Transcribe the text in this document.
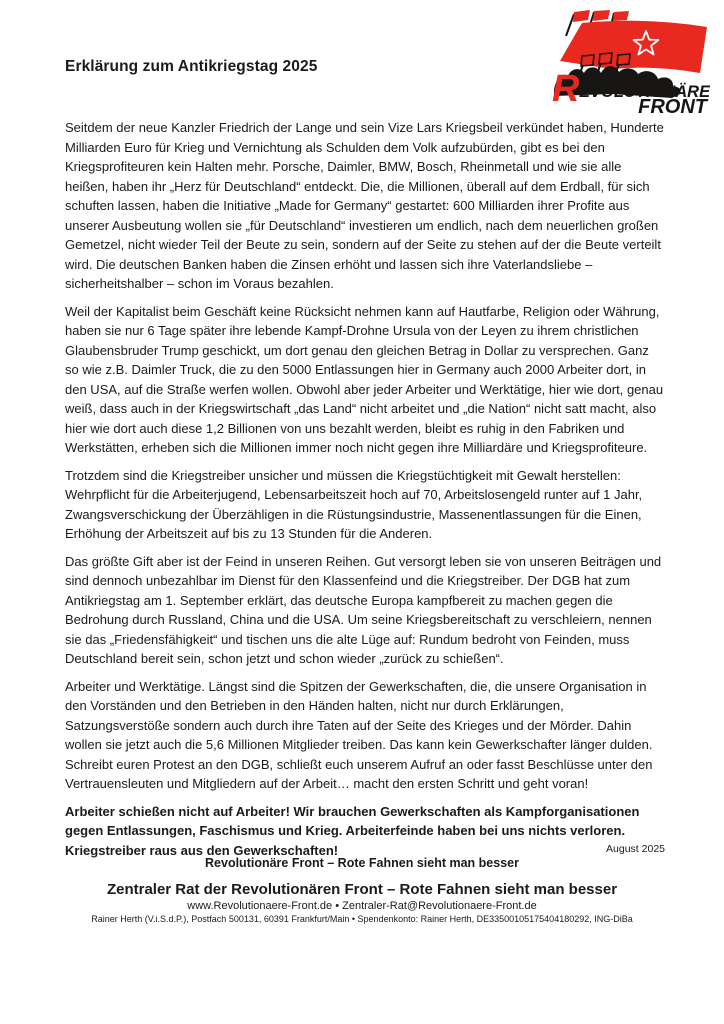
Erklärung zum Antikriegstag 2025
R EVOLUTIONÄRE
FRONT

Seitdem der neue Kanzler Friedrich der Lange und sein Vize Lars Kriegsbeil verkündet haben, Hunderte Milliarden Euro für Krieg und Vernichtung als Schulden dem Volk aufzubürden, gibt es bei den Kriegsprofiteuren kein Halten mehr. Porsche, Daimler, BMW, Bosch, Rheinmetall und wie sie alle heißen, haben ihr „Herz für Deutschland“ entdeckt. Die, die Millionen, überall auf dem Erdball, für sich schuften lassen, haben die Initiative „Made for Germany“ gestartet: 600 Milliarden ihrer Profite aus unserer Ausbeutung wollen sie „für Deutschland“ investieren um endlich, nach dem neuerlichen großen Gemetzel, nicht wieder Teil der Beute zu sein, sondern auf der Seite zu stehen auf der die Beute verteilt wird. Die deutschen Banken haben die Zinsen erhöht und lassen sich ihre Vaterlandsliebe – sicherheitshalber – schon im Voraus bezahlen.

Weil der Kapitalist beim Geschäft keine Rücksicht nehmen kann auf Hautfarbe, Religion oder Währung, haben sie nur 6 Tage später ihre lebende Kampf-Drohne Ursula von der Leyen zu ihrem christlichen Glaubensbruder Trump geschickt, um dort genau den gleichen Betrag in Dollar zu versprechen. Ganz so wie z.B. Daimler Truck, die zu den 5000 Entlassungen hier in Germany auch 2000 Arbeiter dort, in den USA, auf die Straße werfen wollen. Obwohl aber jeder Arbeiter und Werktätige, hier wie dort, genau weiß, dass auch in der Kriegswirtschaft „das Land“ nicht arbeitet und „die Nation“ nicht satt macht, also hier wie dort auch diese 1,2 Billionen von uns bezahlt werden, bleibt es ruhig in den Fabriken und Werkstätten, erheben sich die Millionen immer noch nicht gegen ihre Milliardäre und Kriegsprofiteure.

Trotzdem sind die Kriegstreiber unsicher und müssen die Kriegstüchtigkeit mit Gewalt herstellen: Wehrpflicht für die Arbeiterjugend, Lebensarbeitszeit hoch auf 70, Arbeitslosengeld runter auf 1 Jahr, Zwangsverschickung der Überzähligen in die Rüstungsindustrie, Massenentlassungen für die Einen, Erhöhung der Arbeitszeit auf bis zu 13 Stunden für die Anderen.

Das größte Gift aber ist der Feind in unseren Reihen. Gut versorgt leben sie von unseren Beiträgen und sind dennoch unbezahlbar im Dienst für den Klassenfeind und die Kriegstreiber. Der DGB hat zum Antikriegstag am 1. September erklärt, das deutsche Europa kampfbereit zu machen gegen die Bedrohung durch Russland, China und die USA. Um seine Kriegsbereitschaft zu verschleiern, nennen sie das „Friedensfähigkeit“ und tischen uns die alte Lüge auf: Rundum bedroht von Feinden, muss Deutschland bereit sein, schon jetzt und schon wieder „zurück zu schießen“.

Arbeiter und Werktätige. Längst sind die Spitzen der Gewerkschaften, die, die unsere Organisation in den Vorständen und den Betrieben in den Händen halten, nicht nur durch Erklärungen, Satzungsverstöße sondern auch durch ihre Taten auf der Seite des Krieges und der Mörder. Dahin wollen sie jetzt auch die 5,6 Millionen Mitglieder treiben. Das kann kein Gewerkschafter länger dulden. Schreibt euren Protest an den DGB, schließt euch unserem Aufruf an oder fasst Beschlüsse unter den Vertrauensleuten und Mitgliedern auf der Arbeit… macht den ersten Schritt und geht voran!

Arbeiter schießen nicht auf Arbeiter! Wir brauchen Gewerkschaften als Kampforganisationen gegen Entlassungen, Faschismus und Krieg. Arbeiterfeinde haben bei uns nichts verloren. Kriegstreiber raus aus den Gewerkschaften!	August 2025
Revolutionäre Front – Rote Fahnen sieht man besser
Zentraler Rat der Revolutionären Front – Rote Fahnen sieht man besser
www.Revolutionaere-Front.de • Zentraler-Rat@Revolutionaere-Front.de
Rainer Herth (V.i.S.d.P.), Postfach 500131, 60391 Frankfurt/Main • Spendenkonto: Rainer Herth, DE33500105175404180292, ING-DiBa
